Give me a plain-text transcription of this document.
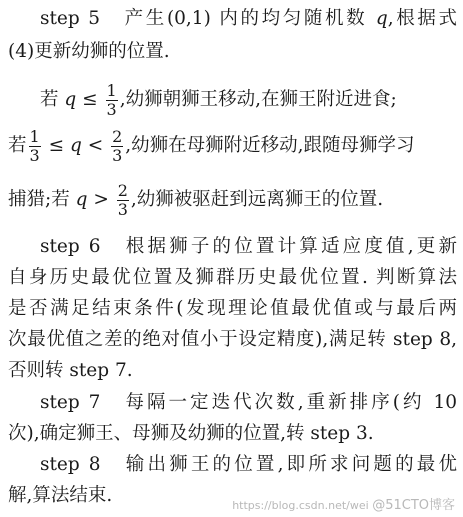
step 5 产生(0,1) 内的均匀随机数 q,根据式
(4)更新幼狮的位置.
若 $q \le \frac{1}{3}$ ,幼狮朝狮王移动,在狮王附近进食;
若 $\frac{1}{3} \le q < \frac{2}{3}$ ,幼狮在母狮附近移动,跟随母狮学习
捕猎;若 $q > \frac{2}{3}$ ,幼狮被驱赶到远离狮王的位置.
step 6 根据狮子的位置计算适应度值,更新
自身历史最优位置及狮群历史最优位置. 判断算法
是否满足结束条件(发现理论值最优值或与最后两
次最优值之差的绝对值小于设定精度),满足转 step 8,
否则转 step 7.
step 7 每隔一定迭代次数,重新排序(约 10
次),确定狮王、母狮及幼狮的位置,转 step 3.
step 8 输出狮王的位置,即所求问题的最优
解,算法结束.	https://blog.csdn.net/wei @51CTO博客
